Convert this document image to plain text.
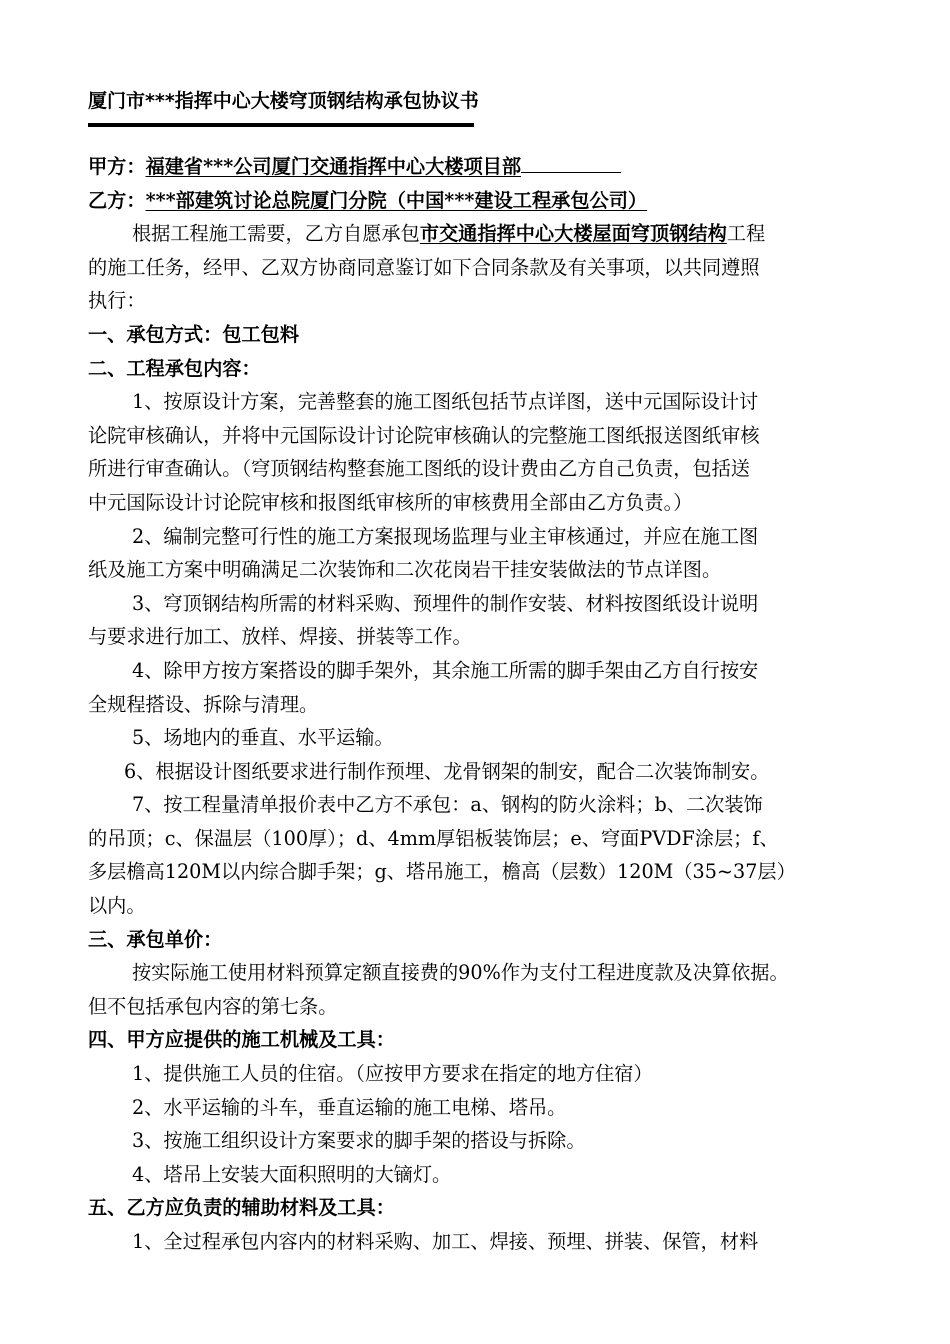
厦门市***指挥中心大楼穹顶钢结构承包协议书
甲方：福建省***公司厦门交通指挥中心大楼项目部
乙方：***部建筑讨论总院厦门分院（中国***建设工程承包公司）
根据工程施工需要，乙方自愿承包市交通指挥中心大楼屋面穹顶钢结构工程
的施工任务，经甲、乙双方协商同意鉴订如下合同条款及有关事项，以共同遵照
执行：
一、承包方式：包工包料
二、工程承包内容：
1、按原设计方案，完善整套的施工图纸包括节点详图，送中元国际设计讨
论院审核确认，并将中元国际设计讨论院审核确认的完整施工图纸报送图纸审核
所进行审查确认。（穹顶钢结构整套施工图纸的设计费由乙方自己负责，包括送
中元国际设计讨论院审核和报图纸审核所的审核费用全部由乙方负责。）
2、编制完整可行性的施工方案报现场监理与业主审核通过，并应在施工图
纸及施工方案中明确满足二次装饰和二次花岗岩干挂安装做法的节点详图。
3、穹顶钢结构所需的材料采购、预埋件的制作安装、材料按图纸设计说明
与要求进行加工、放样、焊接、拼装等工作。
4、除甲方按方案搭设的脚手架外，其余施工所需的脚手架由乙方自行按安
全规程搭设、拆除与清理。
5、场地内的垂直、水平运输。
6、根据设计图纸要求进行制作预埋、龙骨钢架的制安，配合二次装饰制安。
7、按工程量清单报价表中乙方不承包：a、钢构的防火涂料；b、二次装饰
的吊顶；c、保温层（100厚）；d、4mm厚铝板装饰层；e、穹面PVDF涂层；f、
多层檐高120M以内综合脚手架；g、塔吊施工，檐高（层数）120M（35~37层）
以内。
三、承包单价：
按实际施工使用材料预算定额直接费的90%作为支付工程进度款及决算依据。
但不包括承包内容的第七条。
四、甲方应提供的施工机械及工具：
1、提供施工人员的住宿。（应按甲方要求在指定的地方住宿）
2、水平运输的斗车，垂直运输的施工电梯、塔吊。
3、按施工组织设计方案要求的脚手架的搭设与拆除。
4、塔吊上安装大面积照明的大镝灯。
五、乙方应负责的辅助材料及工具：
1、全过程承包内容内的材料采购、加工、焊接、预埋、拼装、保管，材料
